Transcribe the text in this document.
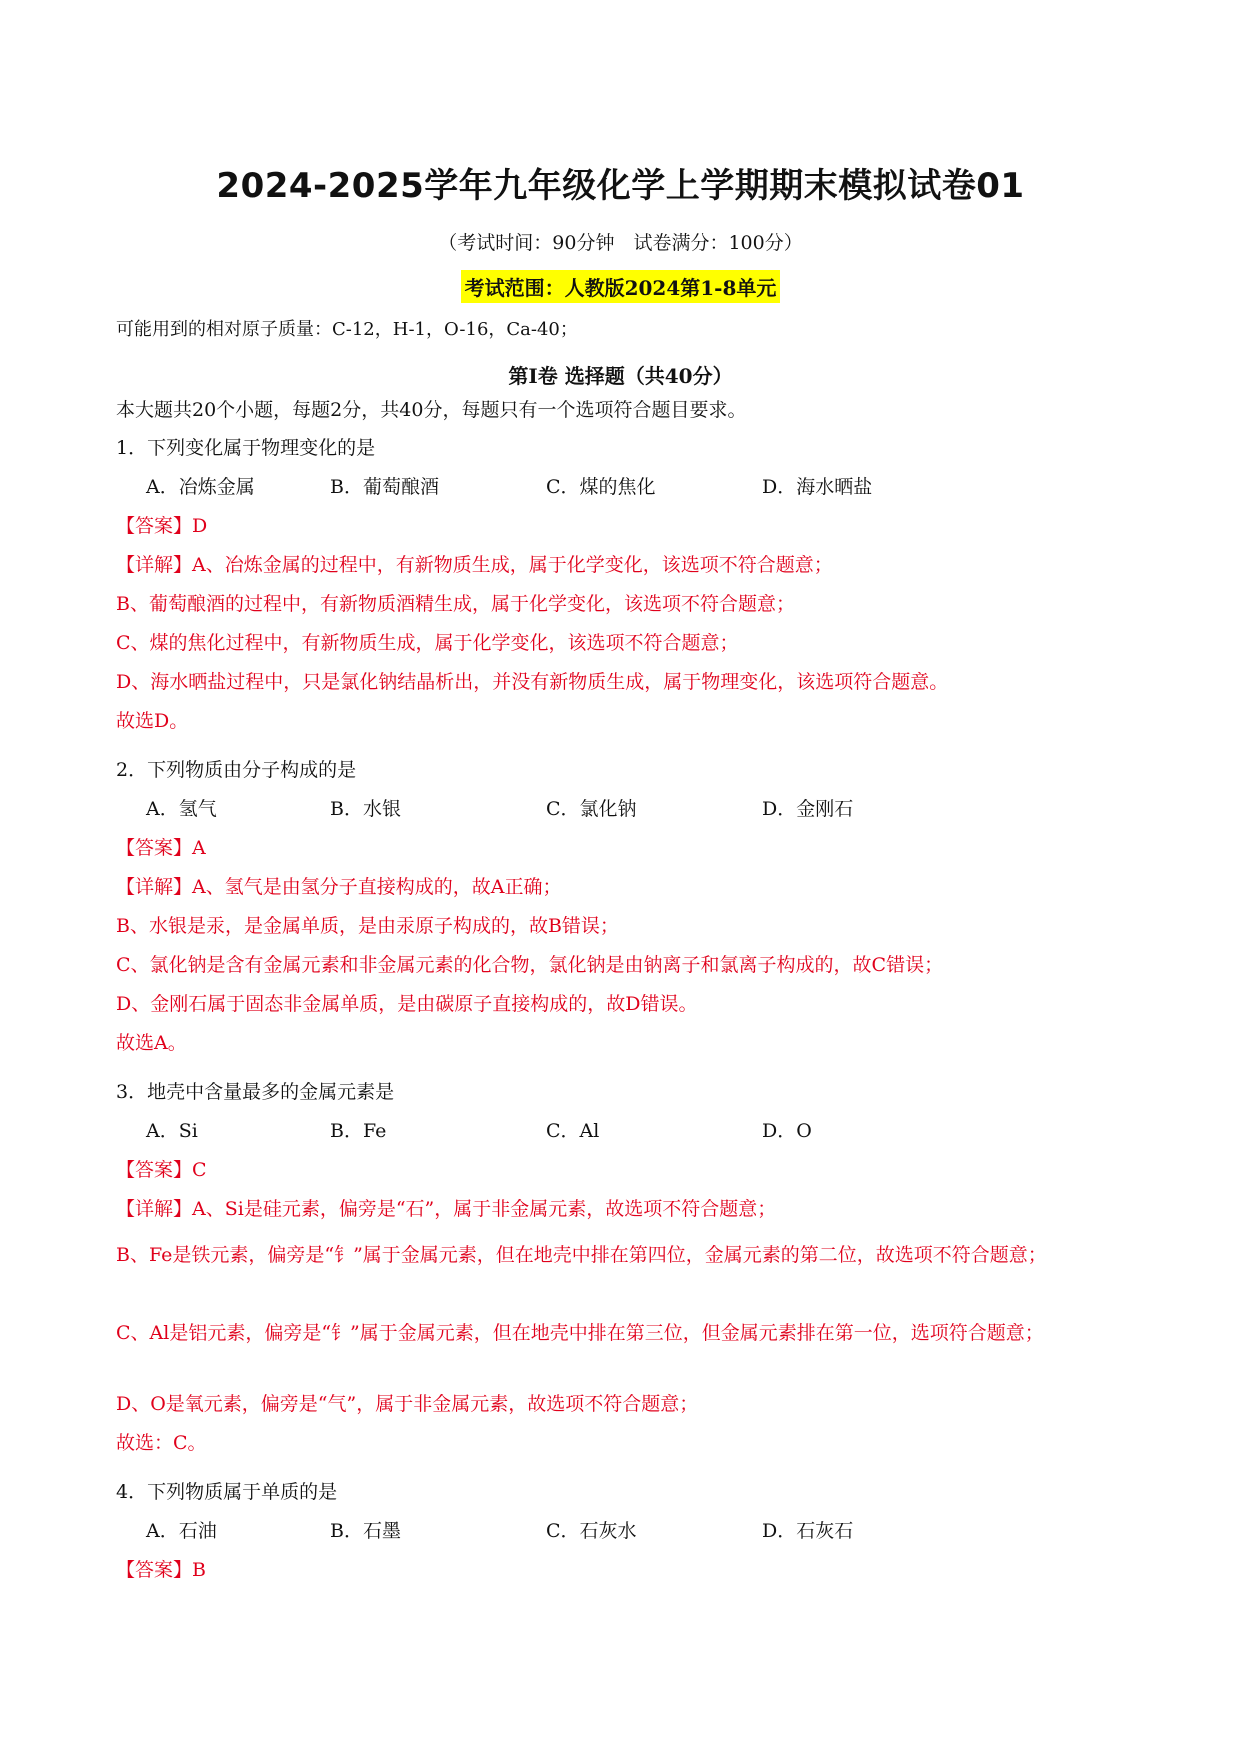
2024-2025学年九年级化学上学期期末模拟试卷01
（考试时间：90分钟　试卷满分：100分）
考试范围：人教版2024第1-8单元
可能用到的相对原子质量：C-12，H-1，O-16，Ca-40；
第I卷 选择题（共40分）
本大题共20个小题，每题2分，共40分，每题只有一个选项符合题目要求。
1．下列变化属于物理变化的是
A．冶炼金属	B．葡萄酿酒	C．煤的焦化	D．海水晒盐
【答案】D
【详解】A、冶炼金属的过程中，有新物质生成，属于化学变化，该选项不符合题意；
B、葡萄酿酒的过程中，有新物质酒精生成，属于化学变化，该选项不符合题意；
C、煤的焦化过程中，有新物质生成，属于化学变化，该选项不符合题意；
D、海水晒盐过程中，只是氯化钠结晶析出，并没有新物质生成，属于物理变化，该选项符合题意。
故选D。
2．下列物质由分子构成的是
A．氢气	B．水银	C．氯化钠	D．金刚石
【答案】A
【详解】A、氢气是由氢分子直接构成的，故A正确；
B、水银是汞，是金属单质，是由汞原子构成的，故B错误；
C、氯化钠是含有金属元素和非金属元素的化合物，氯化钠是由钠离子和氯离子构成的，故C错误；
D、金刚石属于固态非金属单质，是由碳原子直接构成的，故D错误。
故选A。
3．地壳中含量最多的金属元素是
A．Si	B．Fe	C．Al	D．O
【答案】C
【详解】A、Si是硅元素，偏旁是“石”，属于非金属元素，故选项不符合题意；
B、Fe是铁元素，偏旁是“钅”属于金属元素，但在地壳中排在第四位，金属元素的第二位，故选项不符合题意；
C、Al是铝元素，偏旁是“钅”属于金属元素，但在地壳中排在第三位，但金属元素排在第一位，选项符合题意；
D、O是氧元素，偏旁是“气”，属于非金属元素，故选项不符合题意；
故选：C。
4．下列物质属于单质的是
A．石油	B．石墨	C．石灰水	D．石灰石
【答案】B
